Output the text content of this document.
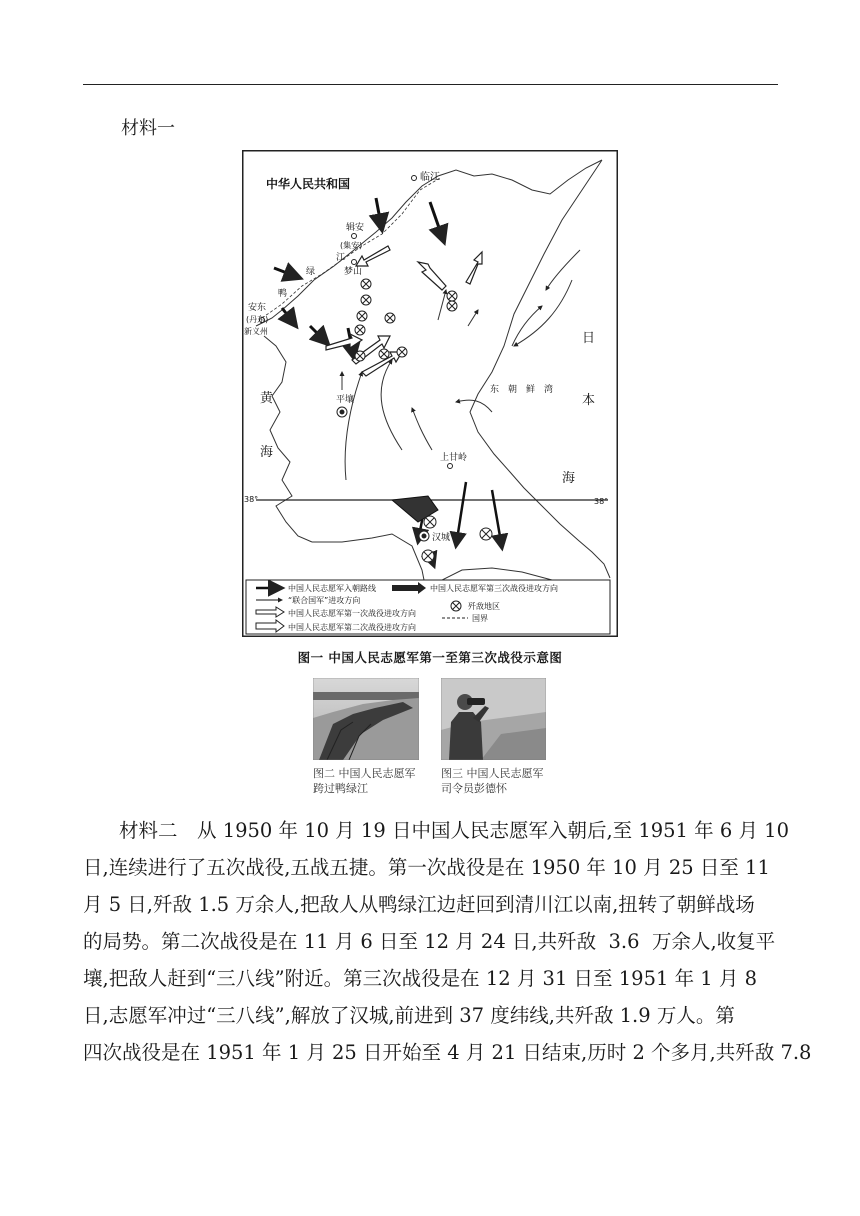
材料一
中华人民共和国	临江
辑安
(集安)
江
梦山
绿
鸭
安东
(丹东)
新义州
平壤
东　朝　鲜　湾
日
本
海
黄
海	上甘岭
汉城
38°	38°
中国人民志愿军入朝路线	中国人民志愿军第三次战役进攻方向
“联合国军”进攻方向
歼敌地区
中国人民志愿军第一次战役进攻方向
国界
中国人民志愿军第二次战役进攻方向
图一 中国人民志愿军第一至第三次战役示意图
图二 中国人民志愿军
跨过鸭绿江
图三 中国人民志愿军
司令员彭德怀
材料二　从 1950 年 10 月 19 日中国人民志愿军入朝后,至 1951 年 6 月 10
日,连续进行了五次战役,五战五捷。第一次战役是在 1950 年 10 月 25 日至 11
月 5 日,歼敌 1.5 万余人,把敌人从鸭绿江边赶回到清川江以南,扭转了朝鲜战场
的局势。第二次战役是在 11 月 6 日至 12 月 24 日,共歼敌  3.6  万余人,收复平
壤,把敌人赶到“三八线”附近。第三次战役是在 12 月 31 日至 1951 年 1 月 8
日,志愿军冲过“三八线”,解放了汉城,前进到 37 度纬线,共歼敌 1.9 万人。第
四次战役是在 1951 年 1 月 25 日开始至 4 月 21 日结束,历时 2 个多月,共歼敌 7.8
